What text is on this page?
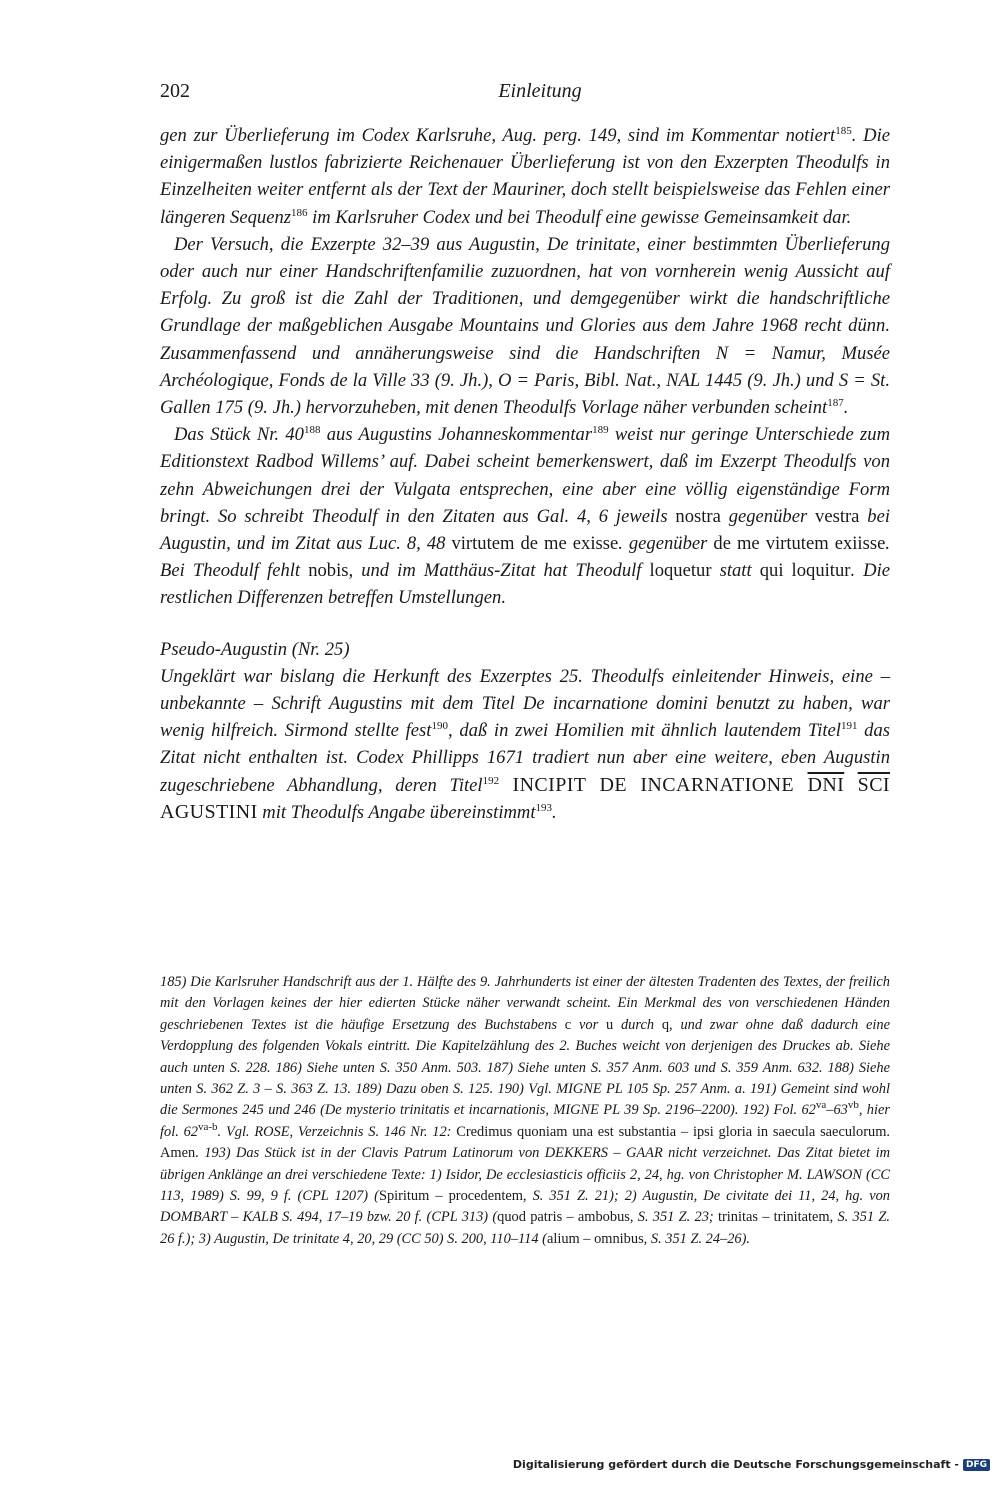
202	Einleitung

gen zur Überlieferung im Codex Karlsruhe, Aug. perg. 149, sind im Kommentar notiert$^{185}$. Die einigermaßen lustlos fabrizierte Reichenauer Überlieferung ist von den Exzerpten Theodulfs in Einzelheiten weiter entfernt als der Text der Mauriner, doch stellt beispielsweise das Fehlen einer längeren Sequenz$^{186}$ im Karlsruher Codex und bei Theodulf eine gewisse Gemeinsamkeit dar.

Der Versuch, die Exzerpte 32–39 aus Augustin, De trinitate, einer bestimmten Überlieferung oder auch nur einer Handschriftenfamilie zuzuordnen, hat von vornherein wenig Aussicht auf Erfolg. Zu groß ist die Zahl der Traditionen, und demgegenüber wirkt die handschriftliche Grundlage der maßgeblichen Ausgabe Mountains und Glories aus dem Jahre 1968 recht dünn. Zusammenfassend und annäherungsweise sind die Handschriften N = Namur, Musée Archéologique, Fonds de la Ville 33 (9. Jh.), O = Paris, Bibl. Nat., NAL 1445 (9. Jh.) und S = St. Gallen 175 (9. Jh.) hervorzuheben, mit denen Theodulfs Vorlage näher verbunden scheint$^{187}$.

Das Stück Nr. $40^{188}$ aus Augustins Johanneskommentar$^{189}$ weist nur geringe Unterschiede zum Editionstext Radbod Willems’ auf. Dabei scheint bemerkenswert, daß im Exzerpt Theodulfs von zehn Abweichungen drei der Vulgata entsprechen, eine aber eine völlig eigenständige Form bringt. So schreibt Theodulf in den Zitaten aus Gal. 4, 6 jeweils nostra gegenüber vestra bei Augustin, und im Zitat aus Luc. 8, 48 virtutem de me exisse. gegenüber de me virtutem exiisse. Bei Theodulf fehlt nobis, und im Matthäus-Zitat hat Theodulf loquetur statt qui loquitur. Die restlichen Differenzen betreffen Umstellungen.

Pseudo-Augustin (Nr. 25)

Ungeklärt war bislang die Herkunft des Exzerptes 25. Theodulfs einleitender Hinweis, eine – unbekannte – Schrift Augustins mit dem Titel De incarnatione domini benutzt zu haben, war wenig hilfreich. Sirmond stellte fest$^{190}$, daß in zwei Homilien mit ähnlich lautendem Titel$^{191}$ das Zitat nicht enthalten ist. Codex Phillipps 1671 tradiert nun aber eine weitere, eben Augustin zugeschriebene Abhandlung, deren Titel$^{192}$ INCIPIT DE INCARNATIONE $\overline{DNI}$ $\overline{SCI}$ AGUSTINI mit Theodulfs Angabe übereinstimmt$^{193}$.

185) Die Karlsruher Handschrift aus der 1. Hälfte des 9. Jahrhunderts ist einer der ältesten Tradenten des Textes, der freilich mit den Vorlagen keines der hier edierten Stücke näher verwandt scheint. Ein Merkmal des von verschiedenen Händen geschriebenen Textes ist die häufige Ersetzung des Buchstabens c vor u durch q, und zwar ohne daß dadurch eine Verdopplung des folgenden Vokals eintritt. Die Kapitelzählung des 2. Buches weicht von derjenigen des Druckes ab. Siehe auch unten S. 228. 186) Siehe unten S. 350 Anm. 503. 187) Siehe unten S. 357 Anm. 603 und S. 359 Anm. 632. 188) Siehe unten S. 362 Z. 3 – S. 363 Z. 13. 189) Dazu oben S. 125. 190) Vgl. MIGNE PL 105 Sp. 257 Anm. a. 191) Gemeint sind wohl die Sermones 245 und 246 (De mysterio trinitatis et incarnationis, MIGNE PL 39 Sp. 2196–2200). 192) Fol. $62^{va}-63^{vb}$, hier fol. $62^{va-b}$. Vgl. ROSE, Verzeichnis S. 146 Nr. 12: Credimus quoniam una est substantia – ipsi gloria in saecula saeculorum. Amen. 193) Das Stück ist in der Clavis Patrum Latinorum von DEKKERS – GAAR nicht verzeichnet. Das Zitat bietet im übrigen Anklänge an drei verschiedene Texte: 1) Isidor, De ecclesiasticis officiis 2, 24, hg. von Christopher M. LAWSON (CC 113, 1989) S. 99, 9 f. (CPL 1207) (Spiritum – procedentem, S. 351 Z. 21); 2) Augustin, De civitate dei 11, 24, hg. von DOMBART – KALB S. 494, 17–19 bzw. 20 f. (CPL 313) (quod patris – ambobus, S. 351 Z. 23; trinitas – trinitatem, S. 351 Z. 26 f.); 3) Augustin, De trinitate 4, 20, 29 (CC 50) S. 200, 110–114 (alium – omnibus, S. 351 Z. 24–26).

Digitalisierung gefördert durch die Deutsche Forschungsgemeinschaft - DFG
